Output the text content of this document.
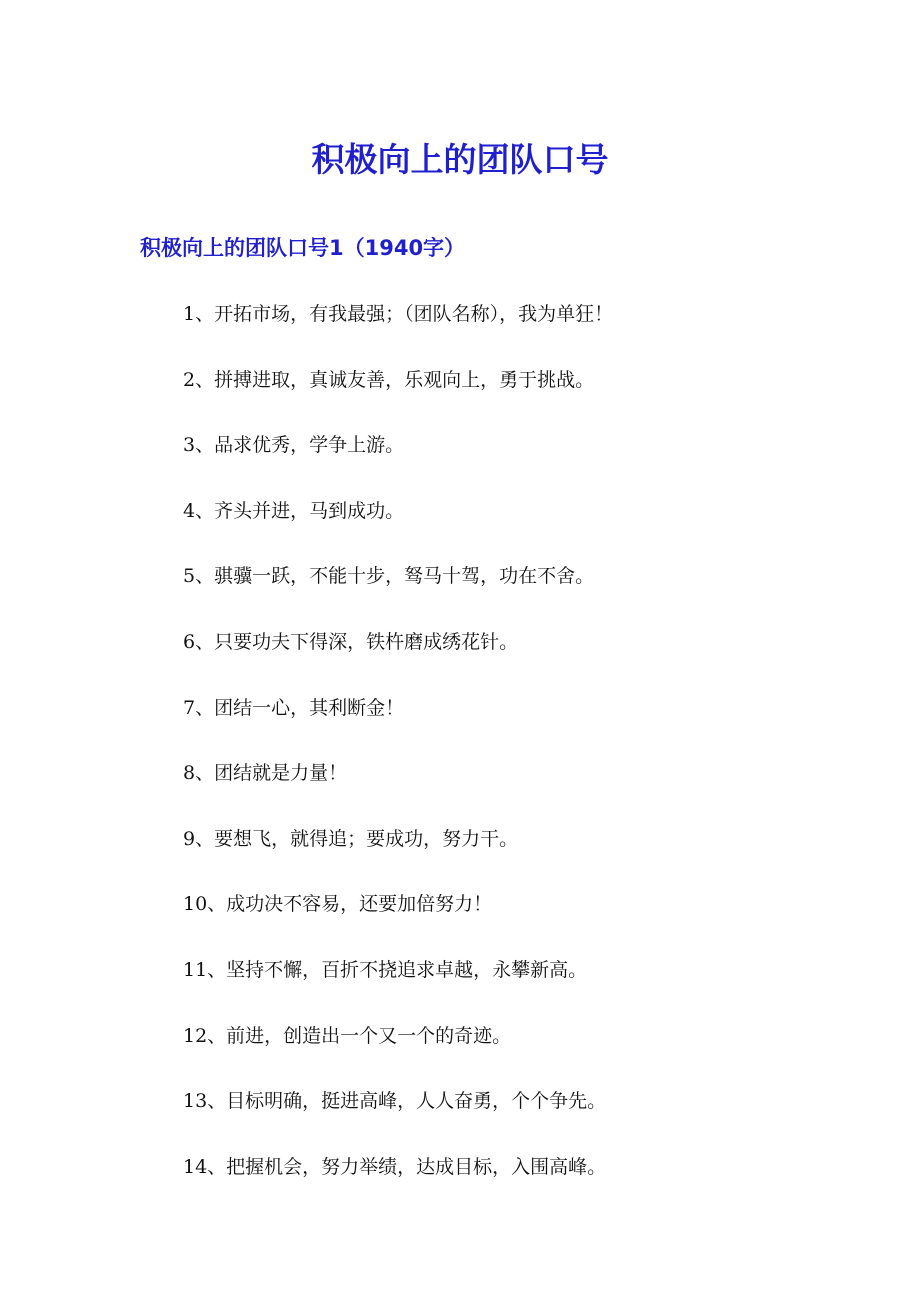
积极向上的团队口号
积极向上的团队口号1（1940字）
1、开拓市场，有我最强；（团队名称），我为单狂！
2、拼搏进取，真诚友善，乐观向上，勇于挑战。
3、品求优秀，学争上游。
4、齐头并进，马到成功。
5、骐骥一跃，不能十步，驽马十驾，功在不舍。
6、只要功夫下得深，铁杵磨成绣花针。
7、团结一心，其利断金！
8、团结就是力量！
9、要想飞，就得追；要成功，努力干。
10、成功决不容易，还要加倍努力！
11、坚持不懈，百折不挠追求卓越，永攀新高。
12、前进，创造出一个又一个的奇迹。
13、目标明确，挺进高峰，人人奋勇，个个争先。
14、把握机会，努力举绩，达成目标，入围高峰。
